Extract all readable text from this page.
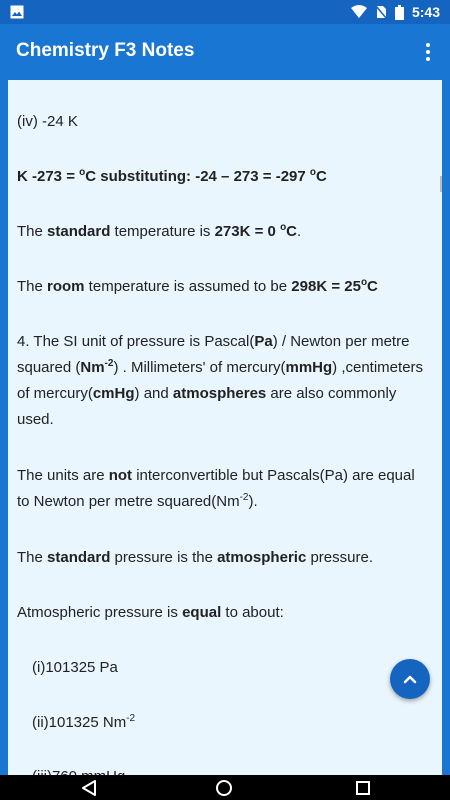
5:43
Chemistry F3 Notes

(iv) -24 K

K -273 = $^o$C substituting: -24 – 273 = -297 $^o$C

The standard temperature is 273K = 0 $^o$C.

The room temperature is assumed to be $298K = 25^oC$

4. The SI unit of pressure is Pascal(Pa) / Newton per metre squared $(Nm^{-2})$ . Millimeters' of mercury(mmHg) ,centimeters of mercury(cmHg) and atmospheres are also commonly used.

The units are not interconvertible but Pascals(Pa) are equal to Newton per metre $squared(Nm^{-2})$.

The standard pressure is the atmospheric pressure.

Atmospheric pressure is equal to about:

(i)101325 Pa

(ii)101325 $Nm^{-2}$
